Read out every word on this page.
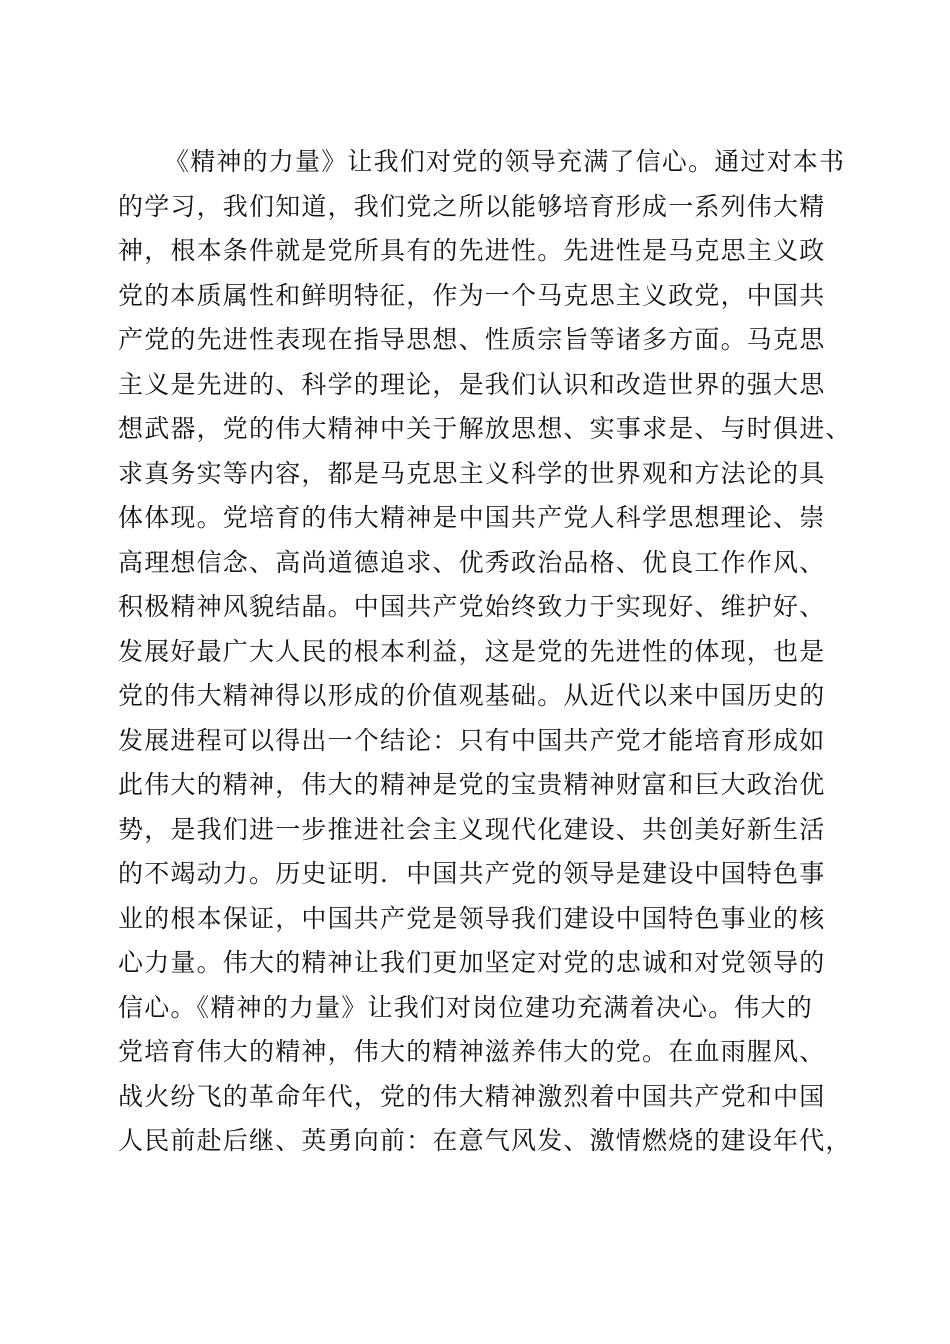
《精神的力量》让我们对党的领导充满了信心。通过对本书
的学习，我们知道，我们党之所以能够培育形成一系列伟大精
神，根本条件就是党所具有的先进性。先进性是马克思主义政
党的本质属性和鲜明特征，作为一个马克思主义政党，中国共
产党的先进性表现在指导思想、性质宗旨等诸多方面。马克思
主义是先进的、科学的理论，是我们认识和改造世界的强大思
想武器，党的伟大精神中关于解放思想、实事求是、与时俱进、
求真务实等内容，都是马克思主义科学的世界观和方法论的具
体体现。党培育的伟大精神是中国共产党人科学思想理论、崇
高理想信念、高尚道德追求、优秀政治品格、优良工作作风、
积极精神风貌结晶。中国共产党始终致力于实现好、维护好、
发展好最广大人民的根本利益，这是党的先进性的体现，也是
党的伟大精神得以形成的价值观基础。从近代以来中国历史的
发展进程可以得出一个结论：只有中国共产党才能培育形成如
此伟大的精神，伟大的精神是党的宝贵精神财富和巨大政治优
势，是我们进一步推进社会主义现代化建设、共创美好新生活
的不竭动力。历史证明．中国共产党的领导是建设中国特色事
业的根本保证，中国共产党是领导我们建设中国特色事业的核
心力量。伟大的精神让我们更加坚定对党的忠诚和对党领导的
信心。《精神的力量》让我们对岗位建功充满着决心。伟大的
党培育伟大的精神，伟大的精神滋养伟大的党。在血雨腥风、
战火纷飞的革命年代，党的伟大精神激烈着中国共产党和中国
人民前赴后继、英勇向前：在意气风发、激情燃烧的建设年代，
